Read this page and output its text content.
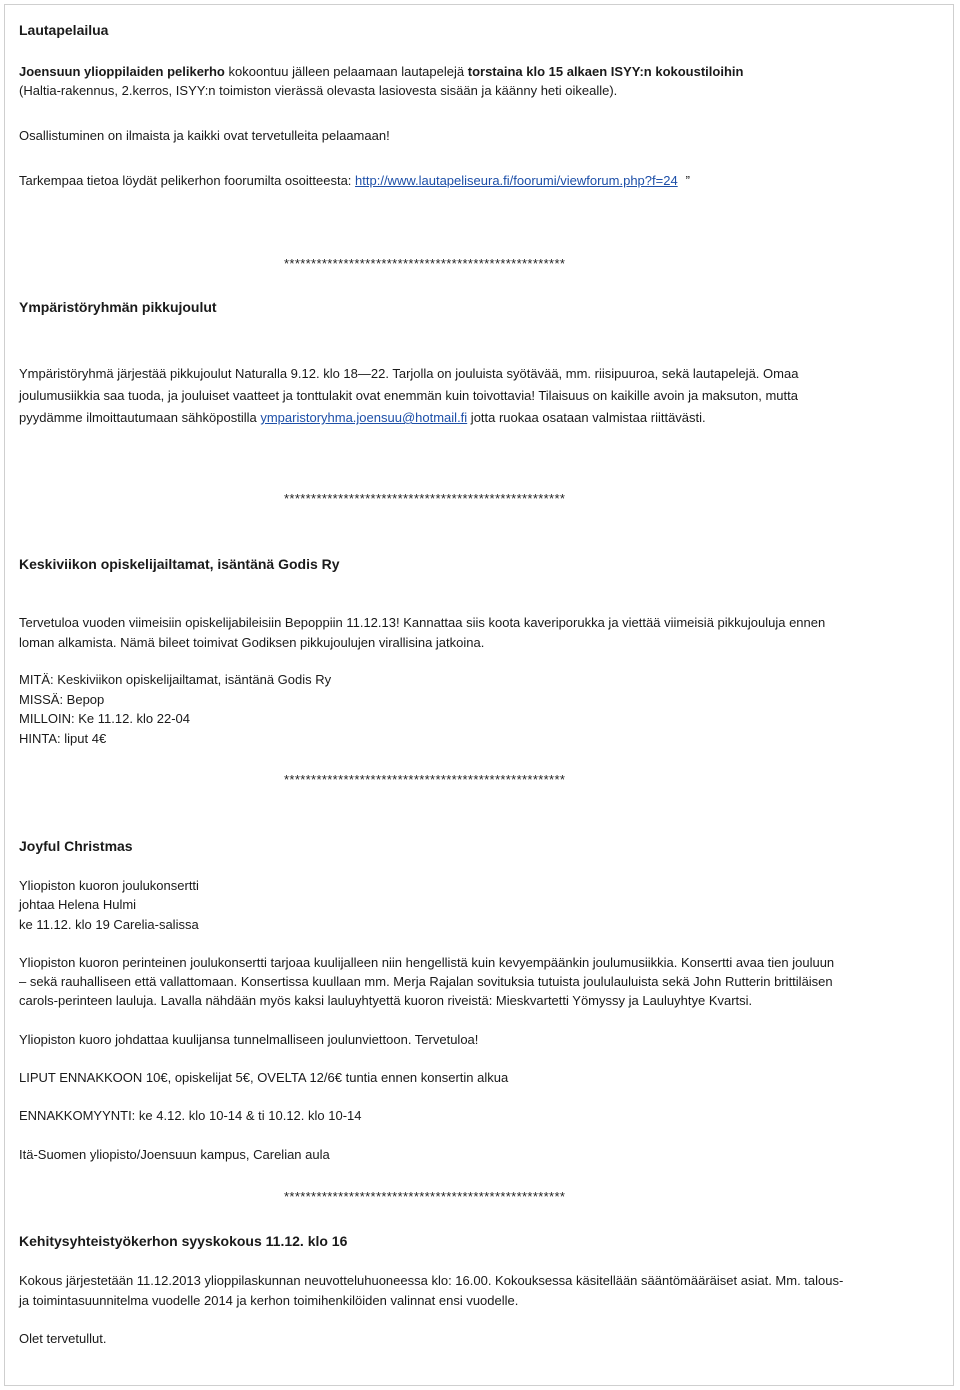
Lautapelailua
Joensuun ylioppilaiden pelikerho kokoontuu jälleen pelaamaan lautapelejä torstaina klo 15 alkaen ISYY:n kokoustiloihin
(Haltia-rakennus, 2.kerros, ISYY:n toimiston vierässä olevasta lasiovesta sisään ja käänny heti oikealle).
Osallistuminen on ilmaista ja kaikki ovat tervetulleita pelaamaan!
Tarkempaa tietoa löydät pelikerhon foorumilta osoitteesta: http://www.lautapeliseura.fi/foorumi/viewforum.php?f=24 ”
****************************************************
Ympäristöryhmän pikkujoulut
Ympäristöryhmä järjestää pikkujoulut Naturalla 9.12. klo 18—22. Tarjolla on jouluista syötävää, mm. riisipuuroa, sekä lautapelejä. Omaa
joulumusiikkia saa tuoda, ja jouluiset vaatteet ja tonttulakit ovat enemmän kuin toivottavia! Tilaisuus on kaikille avoin ja maksuton, mutta
pyydämme ilmoittautumaan sähköpostilla ymparistoryhma.joensuu@hotmail.fi jotta ruokaa osataan valmistaa riittävästi.
****************************************************
Keskiviikon opiskelijailtamat, isäntänä Godis Ry
Tervetuloa vuoden viimeisiin opiskelijabileisiin Bepoppiin 11.12.13! Kannattaa siis koota kaveriporukka ja viettää viimeisiä pikkujouluja ennen
loman alkamista. Nämä bileet toimivat Godiksen pikkujoulujen virallisina jatkoina.
MITÄ: Keskiviikon opiskelijailtamat, isäntänä Godis Ry
MISSÄ: Bepop
MILLOIN: Ke 11.12. klo 22-04
HINTA: liput 4€
****************************************************
Joyful Christmas
Yliopiston kuoron joulukonsertti
johtaa Helena Hulmi
ke 11.12. klo 19 Carelia-salissa
Yliopiston kuoron perinteinen joulukonsertti tarjoaa kuulijalleen niin hengellistä kuin kevyempäänkin joulumusiikkia. Konsertti avaa tien jouluun
– sekä rauhalliseen että vallattomaan. Konsertissa kuullaan mm. Merja Rajalan sovituksia tutuista joululauluista sekä John Rutterin brittiläisen
carols-perinteen lauluja. Lavalla nähdään myös kaksi lauluyhtyettä kuoron riveistä: Mieskvartetti Yömyssy ja Lauluyhtye Kvartsi.
Yliopiston kuoro johdattaa kuulijansa tunnelmalliseen joulunviettoon. Tervetuloa!
LIPUT ENNAKKOON 10€, opiskelijat 5€, OVELTA 12/6€ tuntia ennen konsertin alkua
ENNAKKOMYYNTI: ke 4.12. klo 10-14 & ti 10.12. klo 10-14
Itä-Suomen yliopisto/Joensuun kampus, Carelian aula
****************************************************
Kehitysyhteistyökerhon syyskokous 11.12. klo 16
Kokous järjestetään 11.12.2013 ylioppilaskunnan neuvotteluhuoneessa klo: 16.00. Kokouksessa käsitellään sääntömääräiset asiat. Mm. talous-
ja toimintasuunnitelma vuodelle 2014 ja kerhon toimihenkilöiden valinnat ensi vuodelle.
Olet tervetullut.
